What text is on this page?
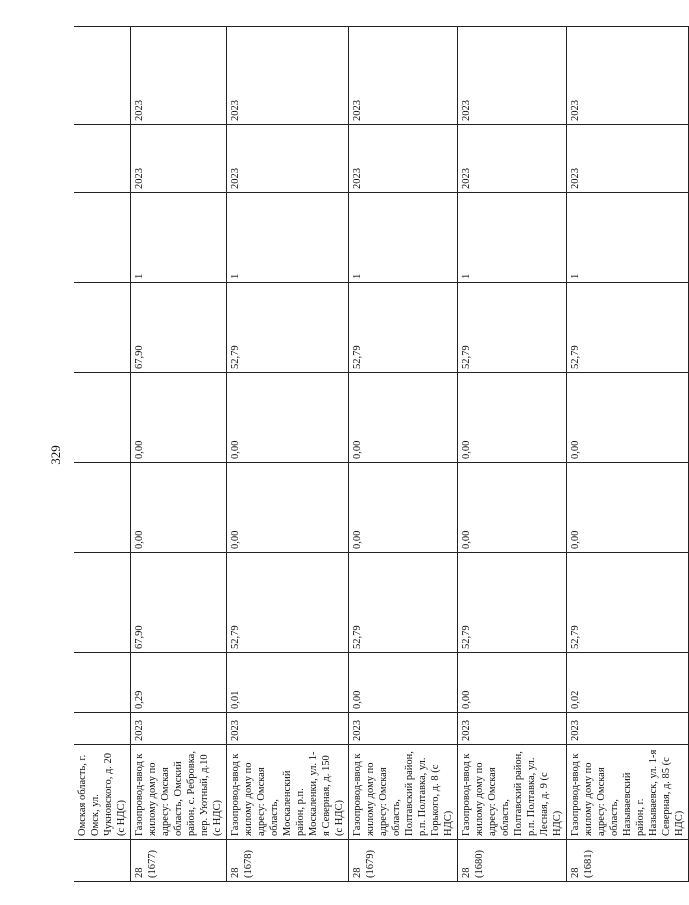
329
	Омская область, г. Омск, ул. Чукновского, д. 20 (с НДС)									
28 (1677)	Газопровод-ввод к жилому дому по адресу: Омская область, Омский район, с. Ребровка, пер. Уютный, д.10 (с НДС)	2023	0,29	67,90	0,00	0,00	67,90	1	2023	2023
28 (1678)	Газопровод-ввод к жилому дому по адресу: Омская область, Москаленский район, р.п. Москаленки, ул. 1-я Северная, д. 150 (с НДС)	2023	0,01	52,79	0,00	0,00	52,79	1	2023	2023
28 (1679)	Газопровод-ввод к жилому дому по адресу: Омская область, Полтавский район, р.п. Полтавка, ул. Горького, д. 8 (с НДС)	2023	0,00	52,79	0,00	0,00	52,79	1	2023	2023
28 (1680)	Газопровод-ввод к жилому дому по адресу: Омская область, Полтавский район, р.п. Полтавка, ул. Лесная, д. 9 (с НДС)	2023	0,00	52,79	0,00	0,00	52,79	1	2023	2023
28 (1681)	Газопровод-ввод к жилому дому по адресу: Омская область, Называевский район, г. Называевск, ул. 1-я Северная, д. 85 (с НДС)	2023	0,02	52,79	0,00	0,00	52,79	1	2023	2023
